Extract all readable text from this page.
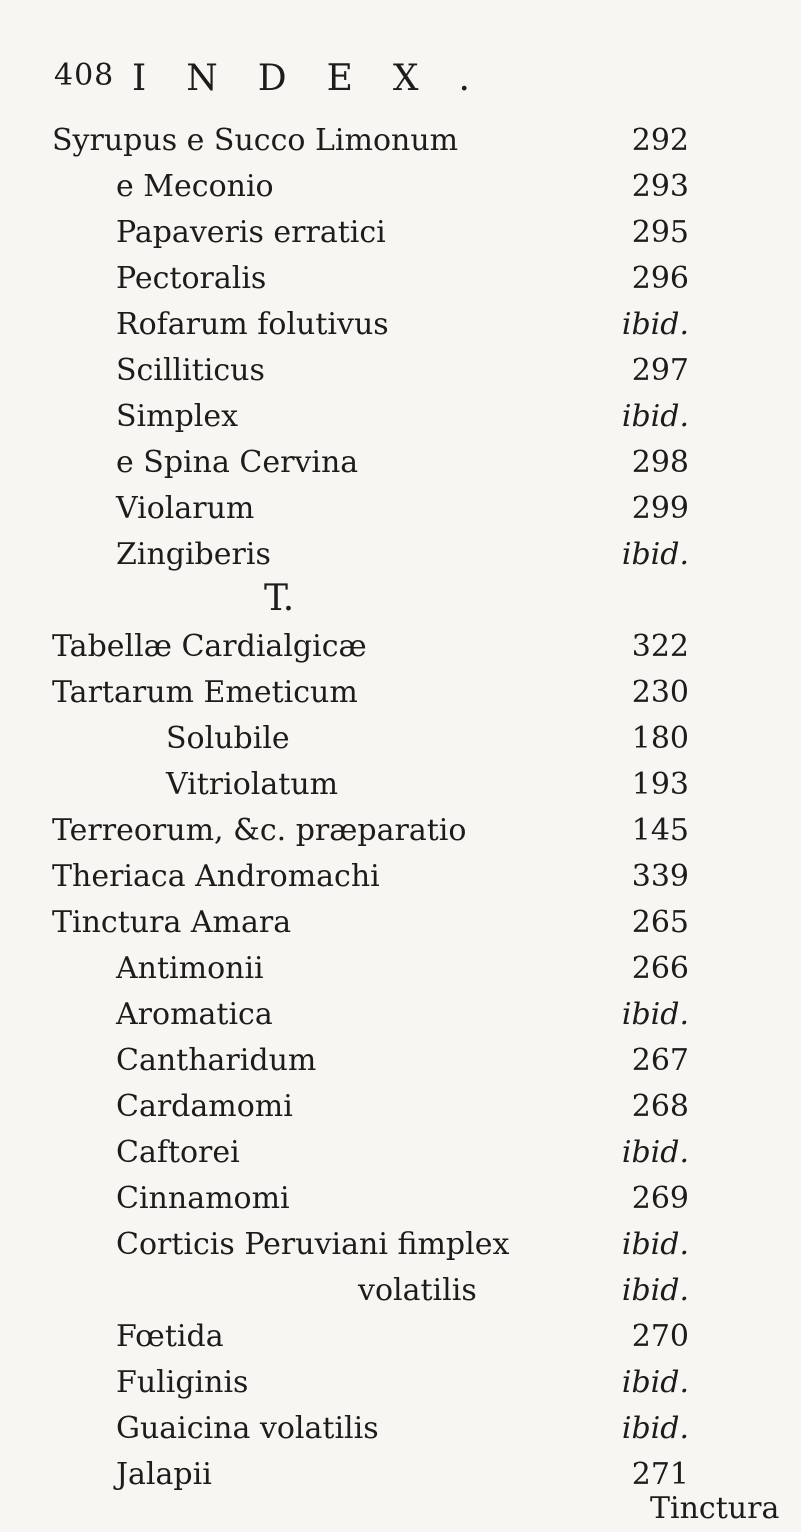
408 INDEX.
Syrupus e Succo Limonum	292
e Meconio	293
Papaveris erratici	295
Pectoralis	296
Rofarum folutivus	ibid.
Scilliticus	297
Simplex	ibid.
e Spina Cervina	298
Violarum	299
Zingiberis	ibid.
T.
Tabellæ Cardialgicæ	322
Tartarum Emeticum	230
Solubile	180
Vitriolatum	193
Terreorum, &c. præparatio	145
Theriaca Andromachi	339
Tinctura Amara	265
Antimonii	266
Aromatica	ibid.
Cantharidum	267
Cardamomi	268
Caftorei	ibid.
Cinnamomi	269
Corticis Peruviani fimplex	ibid.
volatilis	ibid.
Fœtida	270
Fuliginis	ibid.
Guaicina volatilis	ibid.
Jalapii	271
Tinctura
